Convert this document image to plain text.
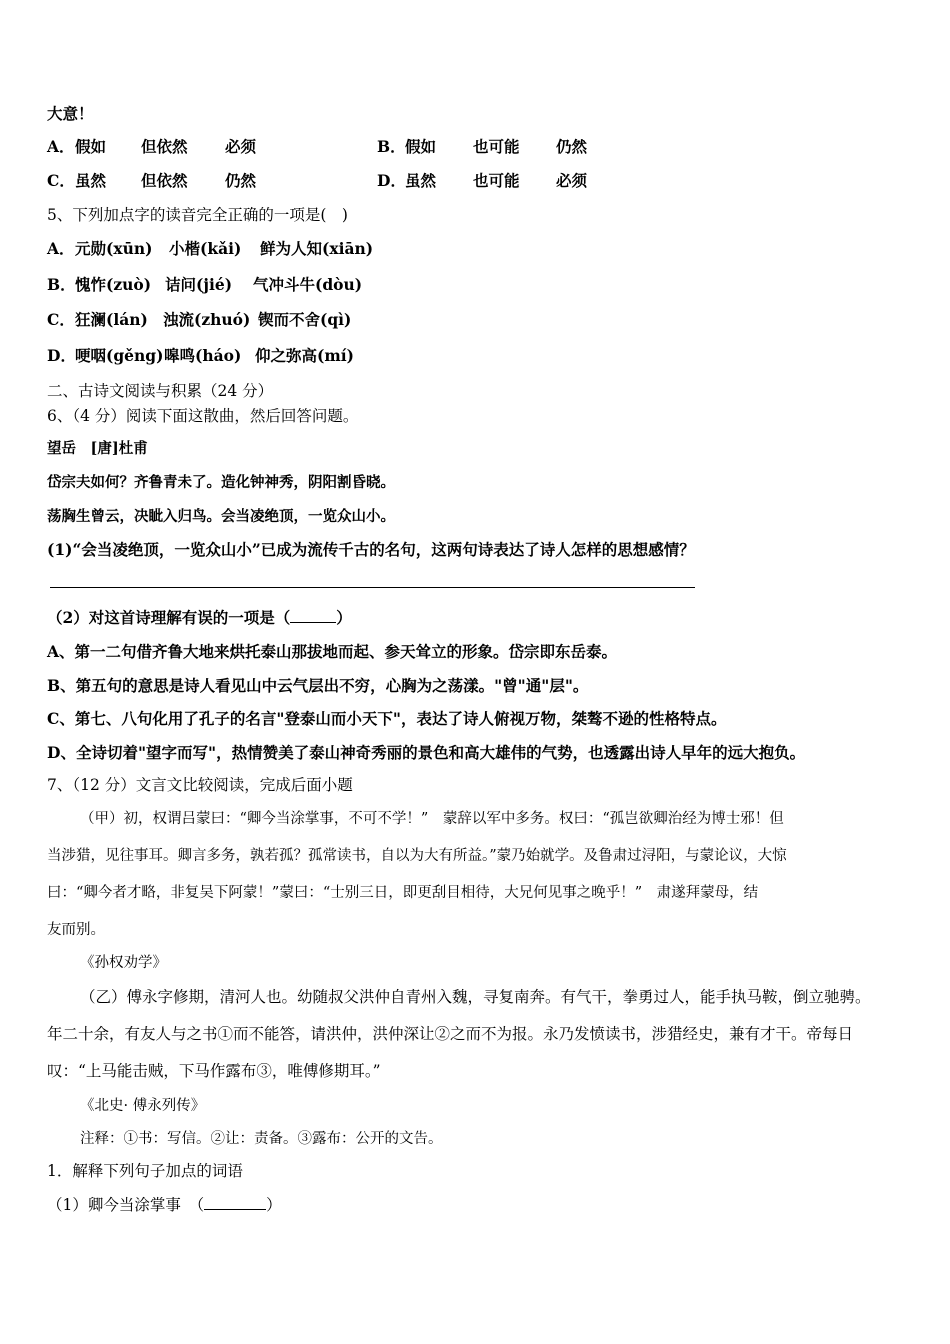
大意！
A． 假如 但依然 必须	B． 假如 也可能 仍然
C． 虽然 但依然 仍然	D． 虽然 也可能 必须
5、下列加点字的读音完全正确的一项是(　)
A． 元勋(xūn) 小楷(kǎi) 鲜为人知(xiān)
B． 愧怍(zuò) 诘问(jié) 气冲斗牛(dòu)
C． 狂澜(lán) 浊流(zhuó) 锲而不舍(qì)
D． 哽咽(gěng) 嗥鸣(háo) 仰之弥高(mí)
二、古诗文阅读与积累（24 分）
6、（4 分）阅读下面这散曲，然后回答问题。
望岳　[唐]杜甫
岱宗夫如何？齐鲁青未了。造化钟神秀，阴阳割昏晓。
荡胸生曾云，决眦入归鸟。会当凌绝顶，一览众山小。
(1)“会当凌绝顶，一览众山小”已成为流传千古的名句，这两句诗表达了诗人怎样的思想感情？
（2）对这首诗理解有误的一项是（	）
A、第一二句借齐鲁大地来烘托泰山那拔地而起、参天耸立的形象。岱宗即东岳泰。
B、第五句的意思是诗人看见山中云气层出不穷，心胸为之荡漾。"曾"通"层"。
C、第七、八句化用了孔子的名言"登泰山而小天下"，表达了诗人俯视万物，桀骜不逊的性格特点。
D、全诗切着"望字而写"，热情赞美了泰山神奇秀丽的景色和高大雄伟的气势，也透露出诗人早年的远大抱负。
7、（12 分）文言文比较阅读，完成后面小题
（甲）初，权谓吕蒙曰：“卿今当涂掌事，不可不学！”　蒙辞以军中多务。权曰：“孤岂欲卿治经为博士邪！但
当涉猎，见往事耳。卿言多务，孰若孤？孤常读书，自以为大有所益。”蒙乃始就学。及鲁肃过浔阳，与蒙论议，大惊
曰：“卿今者才略，非复吴下阿蒙！”蒙曰：“士别三日，即更刮目相待，大兄何见事之晚乎！”　肃遂拜蒙母，结
友而别。
《孙权劝学》
（乙）傅永字修期，清河人也。幼随叔父洪仲自青州入魏，寻复南奔。有气干，拳勇过人，能手执马鞍，倒立驰骋。
年二十余，有友人与之书①而不能答，请洪仲，洪仲深让②之而不为报。永乃发愤读书，涉猎经史，兼有才干。帝每日
叹：“上马能击贼，下马作露布③，唯傅修期耳。”
《北史· 傅永列传》
注释：①书：写信。②让：责备。③露布：公开的文告。
1．解释下列句子加点的词语
（1）卿今当涂掌事　（	）
